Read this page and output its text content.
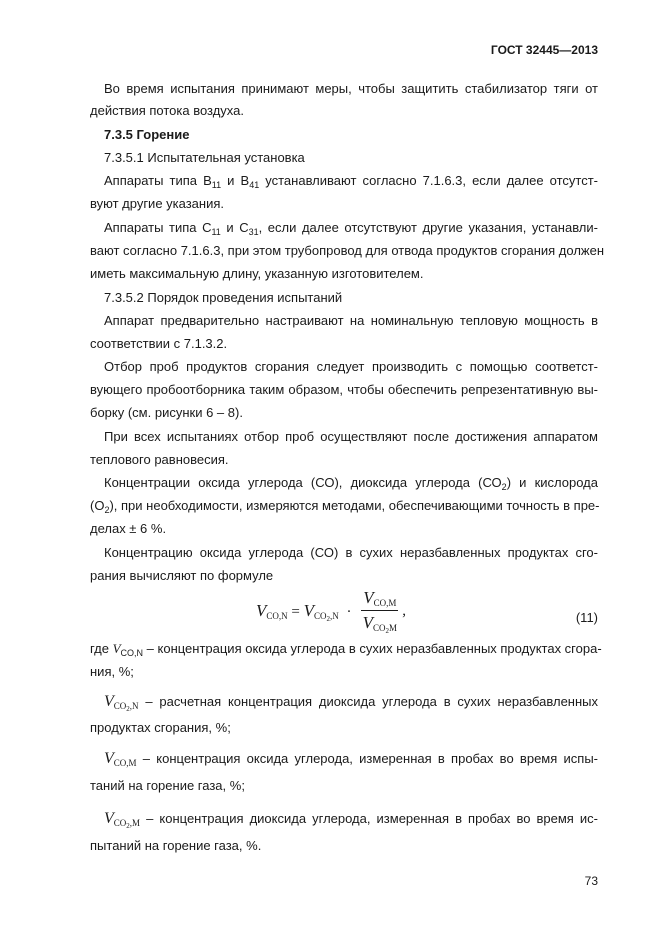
ГОСТ 32445—2013
Во время испытания принимают меры, чтобы защитить стабилизатор тяги от
действия потока воздуха.
7.3.5 Горение
7.3.5.1 Испытательная установка
Аппараты типа $В_{11}$ и $В_{41}$ устанавливают согласно 7.1.6.3, если далее отсутст-
вуют другие указания.
Аппараты типа $С_{11}$ и $С_{31}$, если далее отсутствуют другие указания, устанавли-
вают согласно 7.1.6.3, при этом трубопровод для отвода продуктов сгорания должен
иметь максимальную длину, указанную изготовителем.
7.3.5.2 Порядок проведения испытаний
Аппарат предварительно настраивают на номинальную тепловую мощность в
соответствии с 7.1.3.2.
Отбор проб продуктов сгорания следует производить с помощью соответст-
вующего пробоотборника таким образом, чтобы обеспечить репрезентативную вы-
борку (см. рисунки 6 – 8).
При всех испытаниях отбор проб осуществляют после достижения аппаратом
теплового равновесия.
Концентрации оксида углерода (СО), диоксида углерода $(СО_2)$ и кислорода
$(О_2)$, при необходимости, измеряются методами, обеспечивающими точность в пре-
делах ± 6 %.
Концентрацию оксида углерода (СО) в сухих неразбавленных продуктах сго-
рания вычисляют по формуле
$V_{CO,N} = V_{CO_2,N} \cdot \frac{V_{CO,M}}{V_{CO_2M}}$ ,	(11)
где $V_{CO,N}$ – концентрация оксида углерода в сухих неразбавленных продуктах сгора-
ния, %;
$V_{CO_2,N}$ – расчетная концентрация диоксида углерода в сухих неразбавленных
продуктах сгорания, %;
$V_{CO,M}$ – концентрация оксида углерода, измеренная в пробах во время испы-
таний на горение газа, %;
$V_{CO_2,M}$ – концентрация диоксида углерода, измеренная в пробах во время ис-
пытаний на горение газа, %.
73
